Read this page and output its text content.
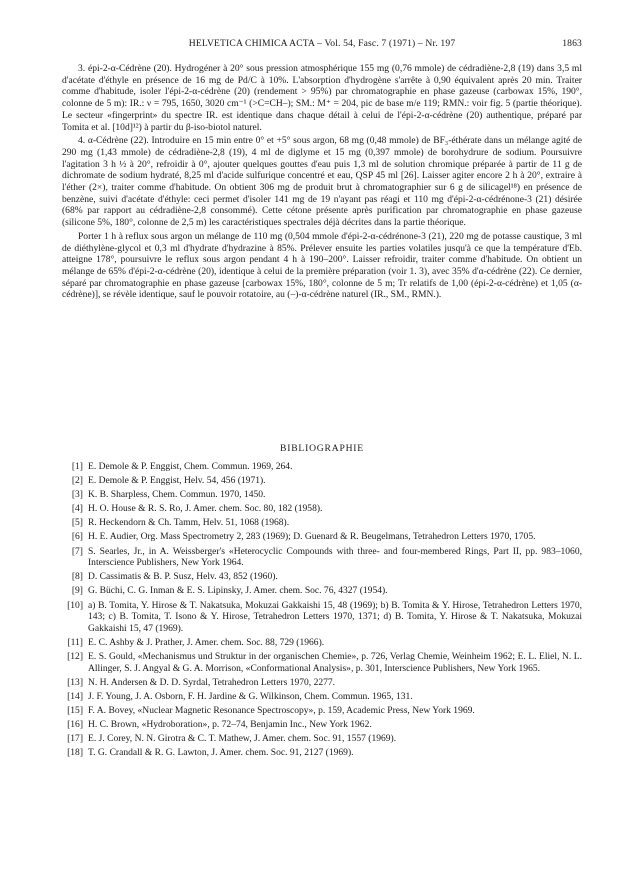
HELVETICA CHIMICA ACTA – Vol. 54, Fasc. 7 (1971) – Nr. 197	1863

3. épi-2-α-Cédrène (20). Hydrogéner à 20° sous pression atmosphérique 155 mg (0,76 mmole) de cédradiène-2,8 (19) dans 3,5 ml d'acétate d'éthyle en présence de 16 mg de Pd/C à 10%. L'absorption d'hydrogène s'arrête à 0,90 équivalent après 20 min. Traiter comme d'habitude, isoler l'épi-2-α-cédrène (20) (rendement > 95%) par chromatographie en phase gazeuse (carbowax 15%, 190°, colonne de 5 m): IR.: ν = 795, 1650, 3020 cm⁻¹ (>C=CH–); SM.: M⁺ = 204, pic de base m/e 119; RMN.: voir fig. 5 (partie théorique). Le secteur «fingerprint» du spectre IR. est identique dans chaque détail à celui de l'épi-2-α-cédrène (20) authentique, préparé par Tomita et al. [10d]¹²) à partir du β-iso-biotol naturel.

4. α-Cédrène (22). Introduire en 15 min entre 0° et +5° sous argon, 68 mg (0,48 mmole) de BF₃-éthérate dans un mélange agité de 290 mg (1,43 mmole) de cédradiène-2,8 (19), 4 ml de diglyme et 15 mg (0,397 mmole) de borohydrure de sodium. Poursuivre l'agitation 3 h ½ à 20°, refroidir à 0°, ajouter quelques gouttes d'eau puis 1,3 ml de solution chromique préparée à partir de 11 g de dichromate de sodium hydraté, 8,25 ml d'acide sulfurique concentré et eau, QSP 45 ml [26]. Laisser agiter encore 2 h à 20°, extraire à l'éther (2×), traiter comme d'habitude. On obtient 306 mg de produit brut à chromatographier sur 6 g de silicagel¹⁸) en présence de benzène, suivi d'acétate d'éthyle: ceci permet d'isoler 141 mg de 19 n'ayant pas réagi et 110 mg d'épi-2-α-cédrénone-3 (21) désirée (68% par rapport au cédradiène-2,8 consommé). Cette cétone présente après purification par chromatographie en phase gazeuse (silicone 5%, 180°, colonne de 2,5 m) les caractéristiques spectrales déjà décrites dans la partie théorique.

Porter 1 h à reflux sous argon un mélange de 110 mg (0,504 mmole d'épi-2-α-cédrénone-3 (21), 220 mg de potasse caustique, 3 ml de diéthylène-glycol et 0,3 ml d'hydrate d'hydrazine à 85%. Prélever ensuite les parties volatiles jusqu'à ce que la température d'Eb. atteigne 178°, poursuivre le reflux sous argon pendant 4 h à 190–200°. Laisser refroidir, traiter comme d'habitude. On obtient un mélange de 65% d'épi-2-α-cédrène (20), identique à celui de la première préparation (voir 1. 3), avec 35% d'α-cédrène (22). Ce dernier, séparé par chromatographie en phase gazeuse [carbowax 15%, 180°, colonne de 5 m; Tr relatifs de 1,00 (épi-2-α-cédrène) et 1,05 (α-cédrène)], se révèle identique, sauf le pouvoir rotatoire, au (–)-α-cédrène naturel (IR., SM., RMN.).

BIBLIOGRAPHIE
[1] E. Demole & P. Enggist, Chem. Commun. 1969, 264.
[2] E. Demole & P. Enggist, Helv. 54, 456 (1971).
[3] K. B. Sharpless, Chem. Commun. 1970, 1450.
[4] H. O. House & R. S. Ro, J. Amer. chem. Soc. 80, 182 (1958).
[5] R. Heckendorn & Ch. Tamm, Helv. 51, 1068 (1968).
[6] H. E. Audier, Org. Mass Spectrometry 2, 283 (1969); D. Guenard & R. Beugelmans, Tetrahedron Letters 1970, 1705.
[7] S. Searles, Jr., in A. Weissberger's «Heterocyclic Compounds with three- and four-membered Rings, Part II, pp. 983–1060, Interscience Publishers, New York 1964.
[8] D. Cassimatis & B. P. Susz, Helv. 43, 852 (1960).
[9] G. Büchi, C. G. Inman & E. S. Lipinsky, J. Amer. chem. Soc. 76, 4327 (1954).
[10] a) B. Tomita, Y. Hirose & T. Nakatsuka, Mokuzai Gakkaishi 15, 48 (1969); b) B. Tomita & Y. Hirose, Tetrahedron Letters 1970, 143; c) B. Tomita, T. Isono & Y. Hirose, Tetrahedron Letters 1970, 1371; d) B. Tomita, Y. Hirose & T. Nakatsuka, Mokuzai Gakkaishi 15, 47 (1969).
[11] E. C. Ashby & J. Prather, J. Amer. chem. Soc. 88, 729 (1966).
[12] E. S. Gould, «Mechanismus und Struktur in der organischen Chemie», p. 726, Verlag Chemie, Weinheim 1962; E. L. Eliel, N. L. Allinger, S. J. Angyal & G. A. Morrison, «Conformational Analysis», p. 301, Interscience Publishers, New York 1965.
[13] N. H. Andersen & D. D. Syrdal, Tetrahedron Letters 1970, 2277.
[14] J. F. Young, J. A. Osborn, F. H. Jardine & G. Wilkinson, Chem. Commun. 1965, 131.
[15] F. A. Bovey, «Nuclear Magnetic Resonance Spectroscopy», p. 159, Academic Press, New York 1969.
[16] H. C. Brown, «Hydroboration», p. 72–74, Benjamin Inc., New York 1962.
[17] E. J. Corey, N. N. Girotra & C. T. Mathew, J. Amer. chem. Soc. 91, 1557 (1969).
[18] T. G. Crandall & R. G. Lawton, J. Amer. chem. Soc. 91, 2127 (1969).
